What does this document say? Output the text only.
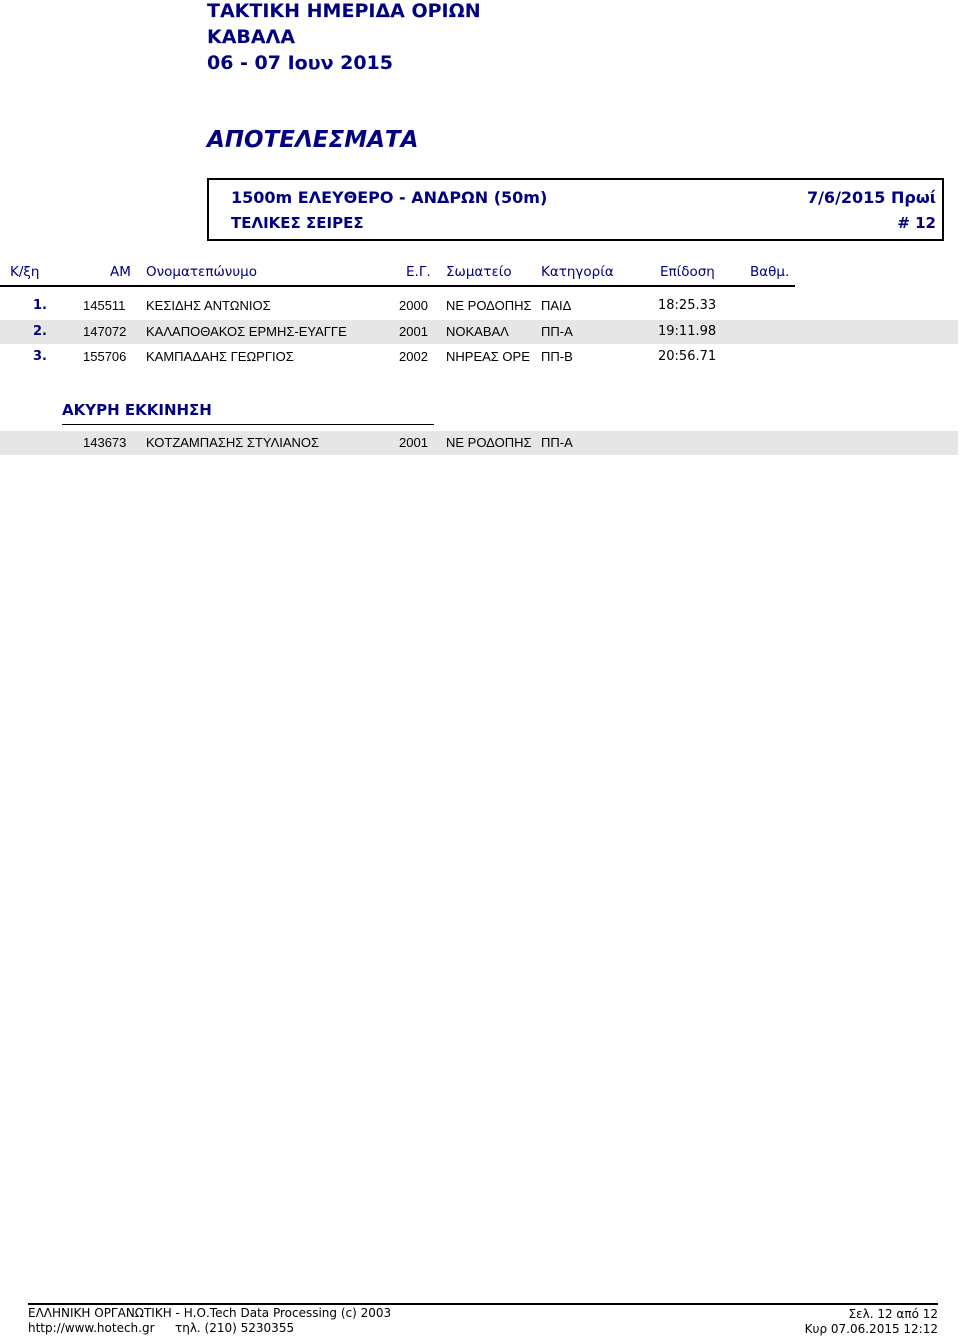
ΤΑΚΤΙΚΗ ΗΜΕΡΙΔΑ ΟΡΙΩΝ
ΚΑΒΑΛΑ
06 - 07 Ιουν 2015
ΑΠΟΤΕΛΕΣΜΑΤΑ
1500m ΕΛΕΥΘΕΡΟ - ΑΝΔΡΩΝ (50m)	7/6/2015 Πρωί
ΤΕΛΙΚΕΣ ΣΕΙΡΕΣ	# 12
Κ/ξη	ΑΜ Ονοματεπώνυμο	Ε.Γ. Σωματείο Κατηγορία	Επίδοση	Βαθμ.
1.	145511 ΚΕΣΙΔΗΣ ΑΝΤΩΝΙΟΣ	2000 ΝΕ ΡΟΔΟΠΗΣ ΠΑΙΔ	18:25.33
2.	147072 ΚΑΛΑΠΟΘΑΚΟΣ ΕΡΜΗΣ-ΕΥΑΓΓΕ	2001 ΝΟΚΑΒΑΛ ΠΠ-Α	19:11.98
3.	155706 ΚΑΜΠΑΔΑΗΣ ΓΕΩΡΓΙΟΣ	2002 ΝΗΡΕΑΣ ΟΡΕ ΠΠ-Β	20:56.71
ΑΚΥΡΗ ΕΚΚΙΝΗΣΗ
143673 ΚΟΤΖΑΜΠΑΣΗΣ ΣΤΥΛΙΑΝΟΣ	2001 ΝΕ ΡΟΔΟΠΗΣ ΠΠ-Α
ΕΛΛΗΝΙΚΗ ΟΡΓΑΝΩΤΙΚΗ - Η.Ο.Tech Data Processing (c) 2003
http://www.hotech.gr τηλ. (210) 5230355
Σελ. 12 από 12
Κυρ 07.06.2015 12:12
